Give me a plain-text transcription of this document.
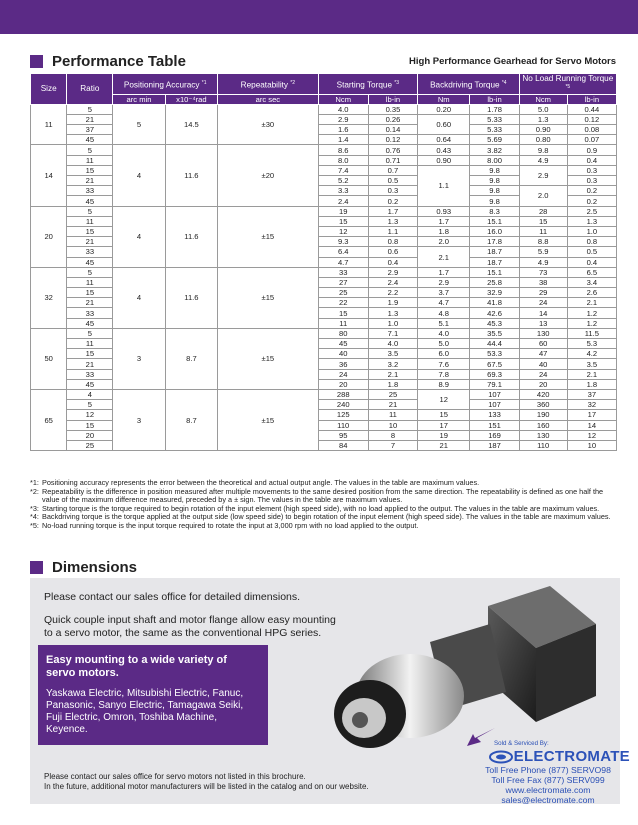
Performance Table	High Performance Gearhead for Servo Motors
Size	Ratio	Positioning Accuracy $^{*1}$		Repeatability $^{*2}$	Starting Torque $^{*3}$		Backdriving Torque $^{*4}$		No Load Running Torque $^{*5}$
		arc min	x10⁻⁴rad	arc sec	Ncm	lb-in	Nm	lb-in	Ncm	lb-in
11	5	5	14.5	±30	4.0	0.35	0.20	1.78	5.0	0.44
	21				2.9	0.26	0.60	5.33	1.3	0.12
	37				1.6	0.14		5.33	0.90	0.08
	45				1.4	0.12	0.64	5.69	0.80	0.07
14	5	4	11.6	±20	8.6	0.76	0.43	3.82	9.8	0.9
	11				8.0	0.71	0.90	8.00	4.9	0.4
	15				7.4	0.7	1.1	9.8	2.9	0.3
	21				5.2	0.5		9.8		0.3
	33				3.3	0.3		9.8	2.0	0.2
	45				2.4	0.2		9.8		0.2
20	5	4	11.6	±15	19	1.7	0.93	8.3	28	2.5
	11				15	1.3	1.7	15.1	15	1.3
	15				12	1.1	1.8	16.0	11	1.0
	21				9.3	0.8	2.0	17.8	8.8	0.8
	33				6.4	0.6	2.1	18.7	5.9	0.5
	45				4.7	0.4		18.7	4.9	0.4
32	5	4	11.6	±15	33	2.9	1.7	15.1	73	6.5
	11				27	2.4	2.9	25.8	38	3.4
	15				25	2.2	3.7	32.9	29	2.6
	21				22	1.9	4.7	41.8	24	2.1
	33				15	1.3	4.8	42.6	14	1.2
	45				11	1.0	5.1	45.3	13	1.2
50	5	3	8.7	±15	80	7.1	4.0	35.5	130	11.5
	11				45	4.0	5.0	44.4	60	5.3
	15				40	3.5	6.0	53.3	47	4.2
	21				36	3.2	7.6	67.5	40	3.5
	33				24	2.1	7.8	69.3	24	2.1
	45				20	1.8	8.9	79.1	20	1.8
65	4	3	8.7	±15	288	25	12	107	420	37
	5				240	21		107	360	32
	12				125	11	15	133	190	17
	15				110	10	17	151	160	14
	20				95	8	19	169	130	12
	25				84	7	21	187	110	10
*1: Positioning accuracy represents the error between the theoretical and actual output angle. The values in the table are maximum values.
*2: Repeatability is the difference in position measured after multiple movements to the same desired position from the same direction. The repeatability is defined as one half the value of the maximum difference measured, preceded by a ± sign. The values in the table are maximum values.
*3: Starting torque is the torque required to begin rotation of the input element (high speed side), with no load applied to the output. The values in the table are maximum values.
*4: Backdriving torque is the torque applied at the output side (low speed side) to begin rotation of the input element (high speed side). The values in the table are maximum values.
*5: No-load running torque is the input torque required to rotate the input at 3,000 rpm with no load applied to the output.
Dimensions
Please contact our sales office for detailed dimensions.
Quick couple input shaft and motor flange allow easy mounting
to a servo motor, the same as the conventional HPG series.
Easy mounting to a wide variety of
servo motors.
Yaskawa Electric, Mitsubishi Electric, Fanuc,
Panasonic, Sanyo Electric, Tamagawa Seiki,
Fuji Electric, Omron, Toshiba Machine,
Keyence.
Please contact our sales office for servo motors not listed in this brochure.
In the future, additional motor manufacturers will be listed in the catalog and on our website.
Sold & Serviced By:
ELECTROMATE
Toll Free Phone (877) SERVO98
Toll Free Fax (877) SERV099
www.electromate.com
sales@electromate.com
